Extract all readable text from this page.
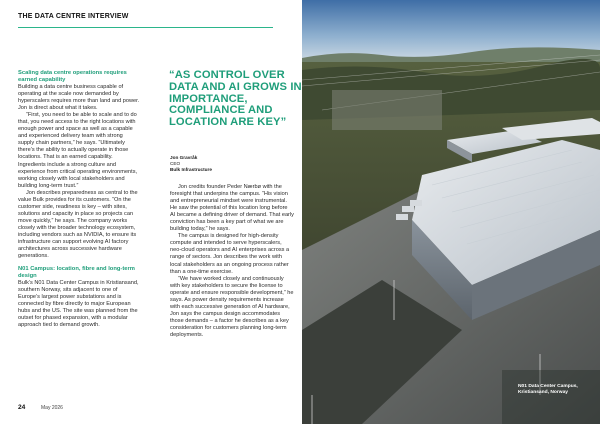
THE DATA CENTRE INTERVIEW

Scaling data centre operations requires earned capability

Building a data centre business capable of operating at the scale now demanded by hyperscalers requires more than land and power. Jon is direct about what it takes.

“First, you need to be able to scale and to do that, you need access to the right locations with enough power and space as well as a capable and experienced delivery team with strong supply chain partners,” he says. “Ultimately there’s the ability to actually operate in those locations. That is an earned capability. Ingredients include a strong culture and experience from critical operating environments, working closely with local stakeholders and building long-term trust.”

Jon describes preparedness as central to the value Bulk provides for its customers. “On the customer side, readiness is key – with sites, solutions and capacity in place so projects can move quickly,” he says. The company works closely with the broader technology ecosystem, including vendors such as NVIDIA, to ensure its infrastructure can support evolving AI factory architectures across successive hardware generations.

N01 Campus: location, fibre and long-term design

Bulk’s N01 Data Center Campus in Kristiansand, southern Norway, sits adjacent to one of Europe’s largest power substations and is connected by fibre directly to major European hubs and the US. The site was planned from the outset for phased expansion, with a modular approach tied to demand growth.

“AS CONTROL OVER DATA AND AI GROWS IN IMPORTANCE, COMPLIANCE AND LOCATION ARE KEY”
Jon Gravråk
CEO
Bulk Infrastructure

Jon credits founder Peder Nærbø with the foresight that underpins the campus. “His vision and entrepreneurial mindset were instrumental. He saw the potential of this location long before AI became a defining driver of demand. That early conviction has been a key part of what we are building today,” he says.

The campus is designed for high-density compute and intended to serve hyperscalers, neo-cloud operators and AI enterprises across a range of sectors. Jon describes the work with local stakeholders as an ongoing process rather than a one-time exercise.

“We have worked closely and continuously with key stakeholders to secure the license to operate and ensure responsible development,” he says. As power density requirements increase with each successive generation of AI hardware, Jon says the campus design accommodates those demands – a factor he describes as a key consideration for customers planning long-term deployments.

24	May 2026
N01 Data Center Campus,
Kristiansand, Norway
